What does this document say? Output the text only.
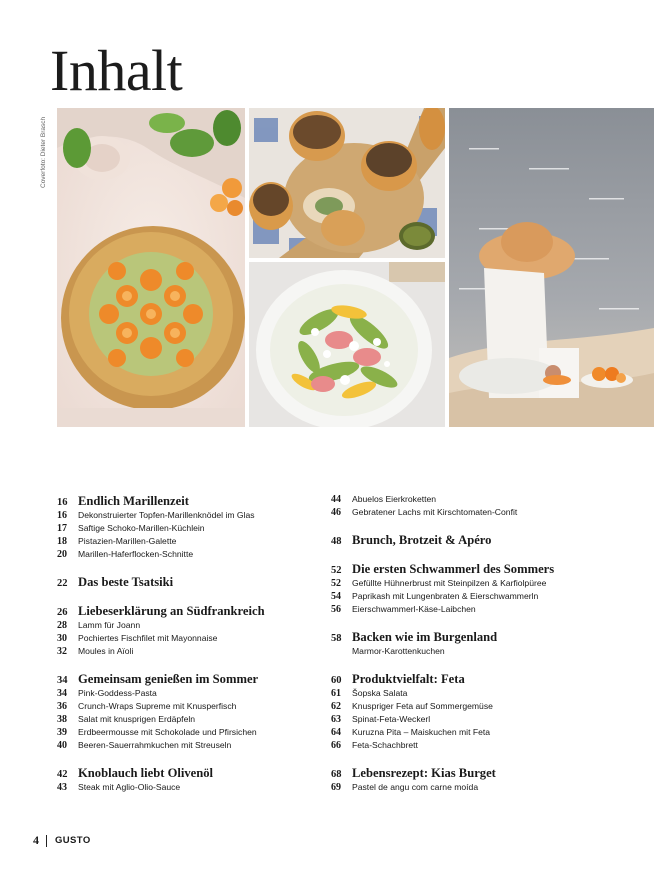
Inhalt
Coverfoto: Dieter Brasch
16 Endlich Marillenzeit
16	Dekonstruierter Topfen-Marillenknödel im Glas
17	Saftige Schoko-Marillen-Küchlein
18	Pistazien-Marillen-Galette
20	Marillen-Haferflocken-Schnitte
22 Das beste Tsatsiki
26 Liebeserklärung an Südfrankreich
28	Lamm für Joann
30	Pochiertes Fischfilet mit Mayonnaise
32	Moules in Aïoli
34 Gemeinsam genießen im Sommer
34	Pink-Goddess-Pasta
36	Crunch-Wraps Supreme mit Knusperfisch
38	Salat mit knusprigen Erdäpfeln
39	Erdbeermousse mit Schokolade und Pfirsichen
40	Beeren-Sauerrahmkuchen mit Streuseln
42 Knoblauch liebt Olivenöl
43	Steak mit Aglio-Olio-Sauce
44	Abuelos Eierkroketten
46	Gebratener Lachs mit Kirschtomaten-Confit
48 Brunch, Brotzeit & Apéro
52 Die ersten Schwammerl des Sommers
52	Gefüllte Hühnerbrust mit Steinpilzen & Karfiolpüree
54	Paprikash mit Lungenbraten & Eierschwammerln
56	Eierschwammerl-Käse-Laibchen
58 Backen wie im Burgenland
Marmor-Karottenkuchen
60 Produktvielfalt: Feta
61	Šopska Salata
62	Knuspriger Feta auf Sommergemüse
63	Spinat-Feta-Weckerl
64	Kuruzna Pita – Maiskuchen mit Feta
66	Feta-Schachbrett
68 Lebensrezept: Kias Burget
69	Pastel de angu com carne moída
4 GUSTO
